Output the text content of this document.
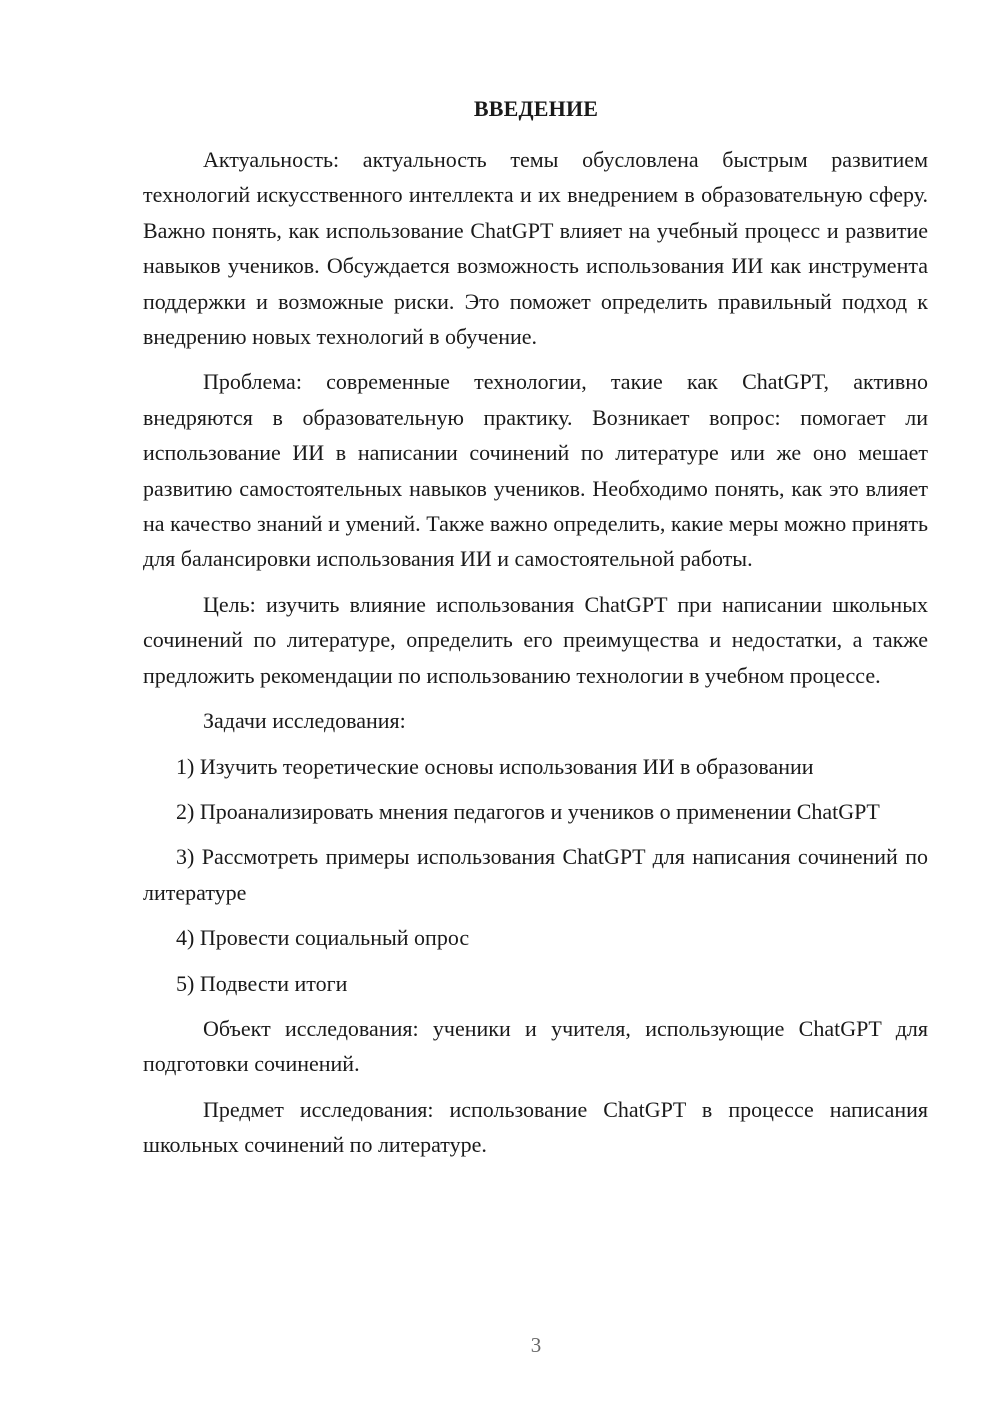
ВВЕДЕНИЕ

Актуальность: актуальность темы обусловлена быстрым развитием технологий искусственного интеллекта и их внедрением в образовательную сферу. Важно понять, как использование ChatGPT влияет на учебный процесс и развитие навыков учеников. Обсуждается возможность использования ИИ как инструмента поддержки и возможные риски. Это поможет определить правильный подход к внедрению новых технологий в обучение.

Проблема: современные технологии, такие как ChatGPT, активно внедряются в образовательную практику. Возникает вопрос: помогает ли использование ИИ в написании сочинений по литературе или же оно мешает развитию самостоятельных навыков учеников. Необходимо понять, как это влияет на качество знаний и умений. Также важно определить, какие меры можно принять для балансировки использования ИИ и самостоятельной работы.

Цель: изучить влияние использования ChatGPT при написании школьных сочинений по литературе, определить его преимущества и недостатки, а также предложить рекомендации по использованию технологии в учебном процессе.

Задачи исследования:

1) Изучить теоретические основы использования ИИ в образовании

2) Проанализировать мнения педагогов и учеников о применении ChatGPT

3) Рассмотреть примеры использования ChatGPT для написания сочинений по литературе

4) Провести социальный опрос

5) Подвести итоги

Объект исследования: ученики и учителя, использующие ChatGPT для подготовки сочинений.

Предмет исследования: использование ChatGPT в процессе написания школьных сочинений по литературе.

3
